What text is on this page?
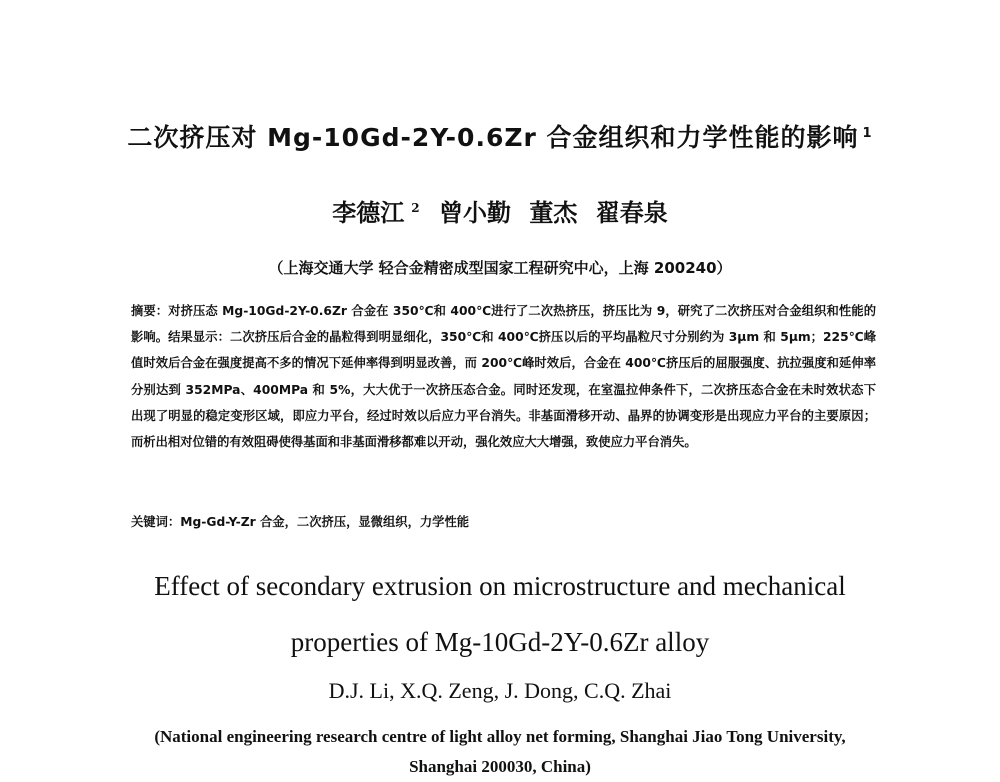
二次挤压对 Mg-10Gd-2Y-0.6Zr 合金组织和力学性能的影响 $^1$
李德江 $^2$ 曾小勤 董杰 翟春泉
（上海交通大学 轻合金精密成型国家工程研究中心，上海 200240）
摘要：对挤压态 Mg-10Gd-2Y-0.6Zr 合金在 350℃和 400℃进行了二次热挤压，挤压比为 9，研究了二次挤压对合金组织和性能的影响。结果显示：二次挤压后合金的晶粒得到明显细化，350℃和 400℃挤压以后的平均晶粒尺寸分别约为 3μm 和 5μm；225℃峰值时效后合金在强度提高不多的情况下延伸率得到明显改善，而 200℃峰时效后，合金在 400℃挤压后的屈服强度、抗拉强度和延伸率分别达到 352MPa、400MPa 和 5%，大大优于一次挤压态合金。同时还发现，在室温拉伸条件下，二次挤压态合金在未时效状态下出现了明显的稳定变形区域，即应力平台，经过时效以后应力平台消失。非基面滑移开动、晶界的协调变形是出现应力平台的主要原因；而析出相对位错的有效阻碍使得基面和非基面滑移都难以开动，强化效应大大增强，致使应力平台消失。
关键词：Mg-Gd-Y-Zr 合金，二次挤压，显微组织，力学性能
Effect of secondary extrusion on microstructure and mechanical
properties of Mg-10Gd-2Y-0.6Zr alloy
D.J. Li, X.Q. Zeng, J. Dong, C.Q. Zhai
(National engineering research centre of light alloy net forming, Shanghai Jiao Tong University,
Shanghai 200030, China)
